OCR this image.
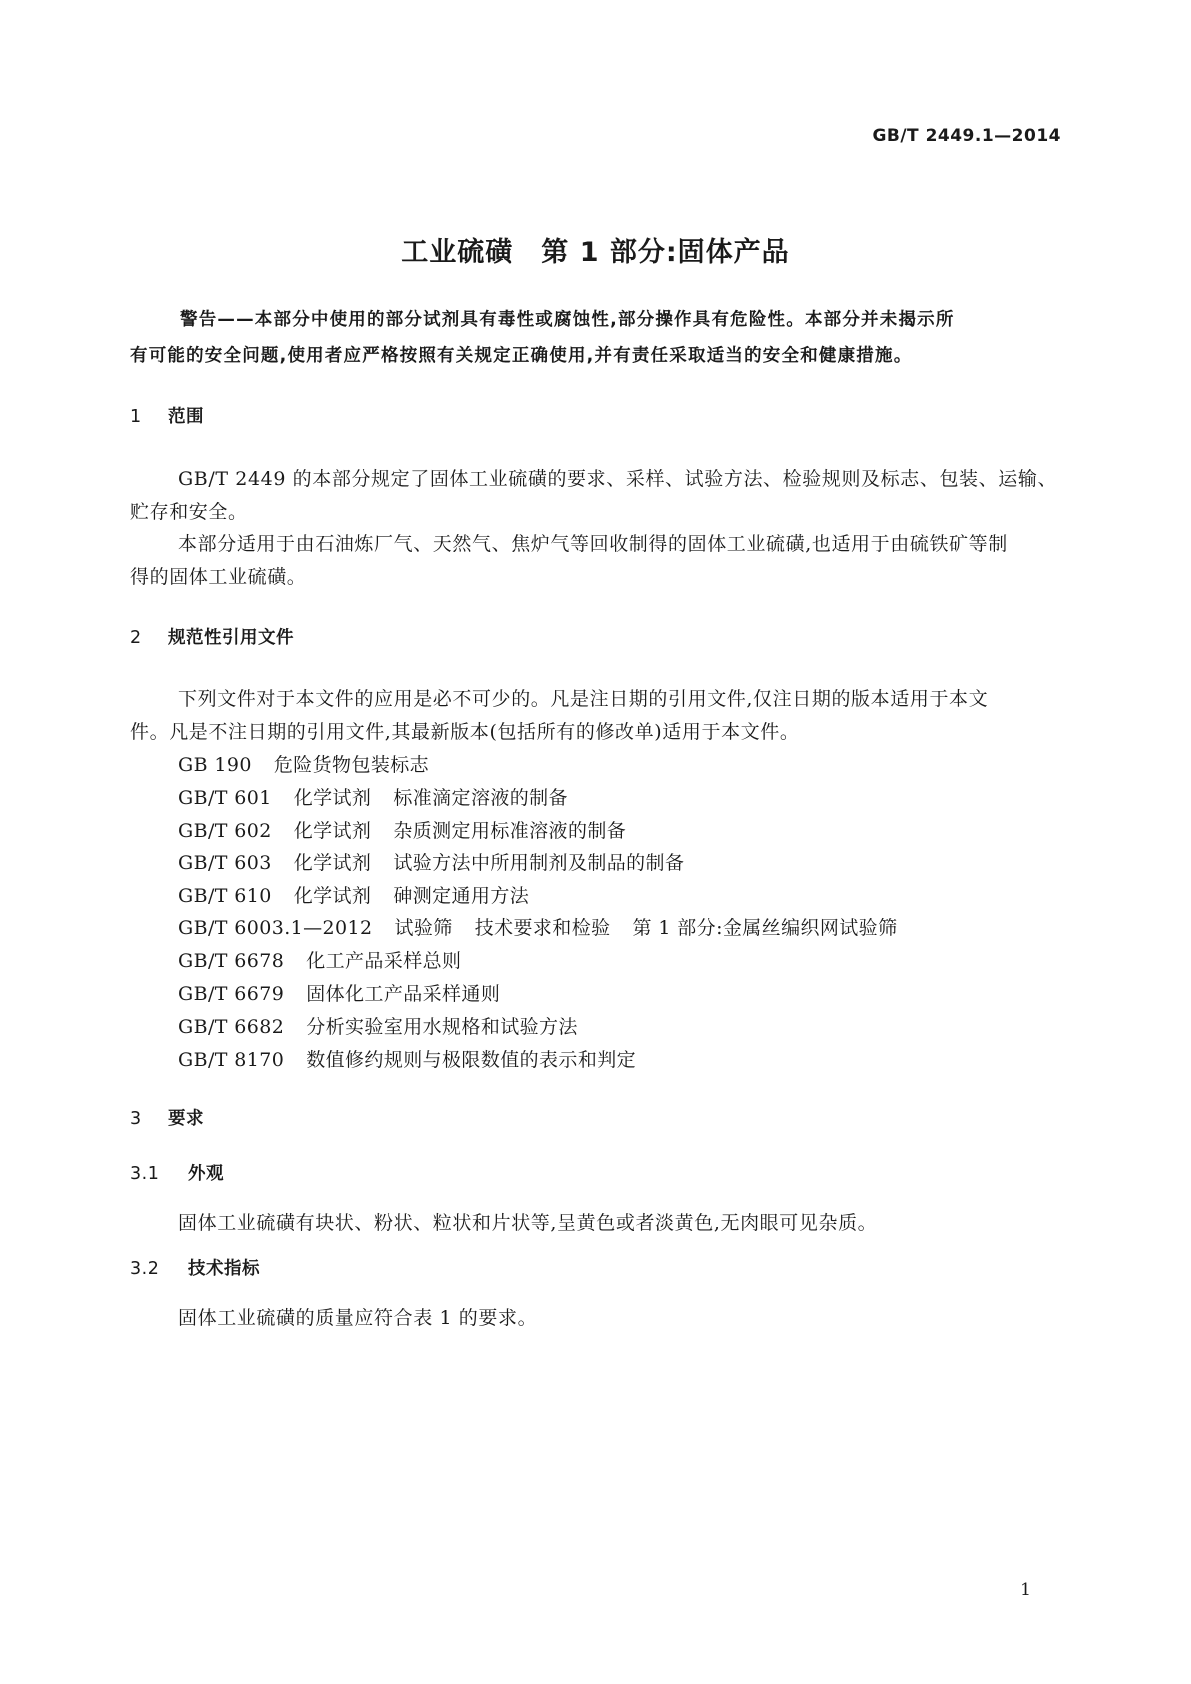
GB/T 2449.1—2014
工业硫磺　第 1 部分:固体产品
警告——本部分中使用的部分试剂具有毒性或腐蚀性,部分操作具有危险性。本部分并未揭示所
有可能的安全问题,使用者应严格按照有关规定正确使用,并有责任采取适当的安全和健康措施。
1 范围
GB/T 2449 的本部分规定了固体工业硫磺的要求、采样、试验方法、检验规则及标志、包装、运输、
贮存和安全。
本部分适用于由石油炼厂气、天然气、焦炉气等回收制得的固体工业硫磺,也适用于由硫铁矿等制
得的固体工业硫磺。
2 规范性引用文件
下列文件对于本文件的应用是必不可少的。凡是注日期的引用文件,仅注日期的版本适用于本文
件。凡是不注日期的引用文件,其最新版本(包括所有的修改单)适用于本文件。
GB 190 危险货物包装标志
GB/T 601 化学试剂 标准滴定溶液的制备
GB/T 602 化学试剂 杂质测定用标准溶液的制备
GB/T 603 化学试剂 试验方法中所用制剂及制品的制备
GB/T 610 化学试剂 砷测定通用方法
GB/T 6003.1—2012 试验筛 技术要求和检验 第 1 部分:金属丝编织网试验筛
GB/T 6678 化工产品采样总则
GB/T 6679 固体化工产品采样通则
GB/T 6682 分析实验室用水规格和试验方法
GB/T 8170 数值修约规则与极限数值的表示和判定
3 要求
3.1 外观
固体工业硫磺有块状、粉状、粒状和片状等,呈黄色或者淡黄色,无肉眼可见杂质。
3.2 技术指标
固体工业硫磺的质量应符合表 1 的要求。
1
